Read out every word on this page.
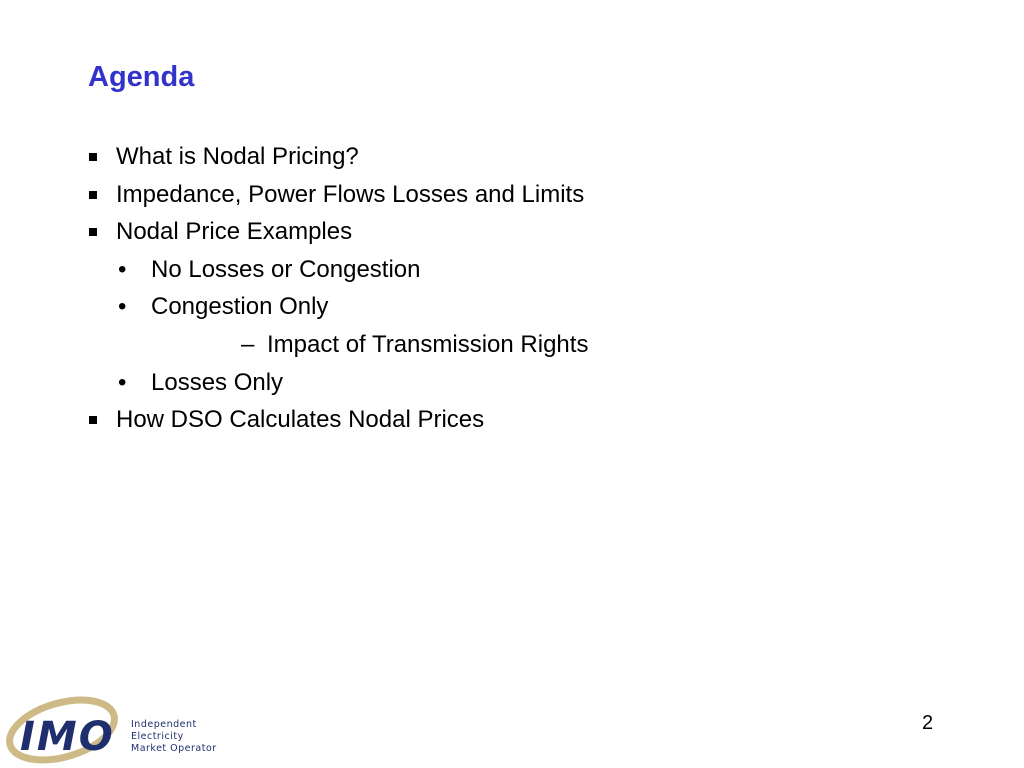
Agenda
What is Nodal Pricing?
Impedance, Power Flows Losses and Limits
Nodal Price Examples
• No Losses or Congestion
• Congestion Only
– Impact of Transmission Rights
• Losses Only
How DSO Calculates Nodal Prices
IMO Independent
Electricity
Market Operator
2
